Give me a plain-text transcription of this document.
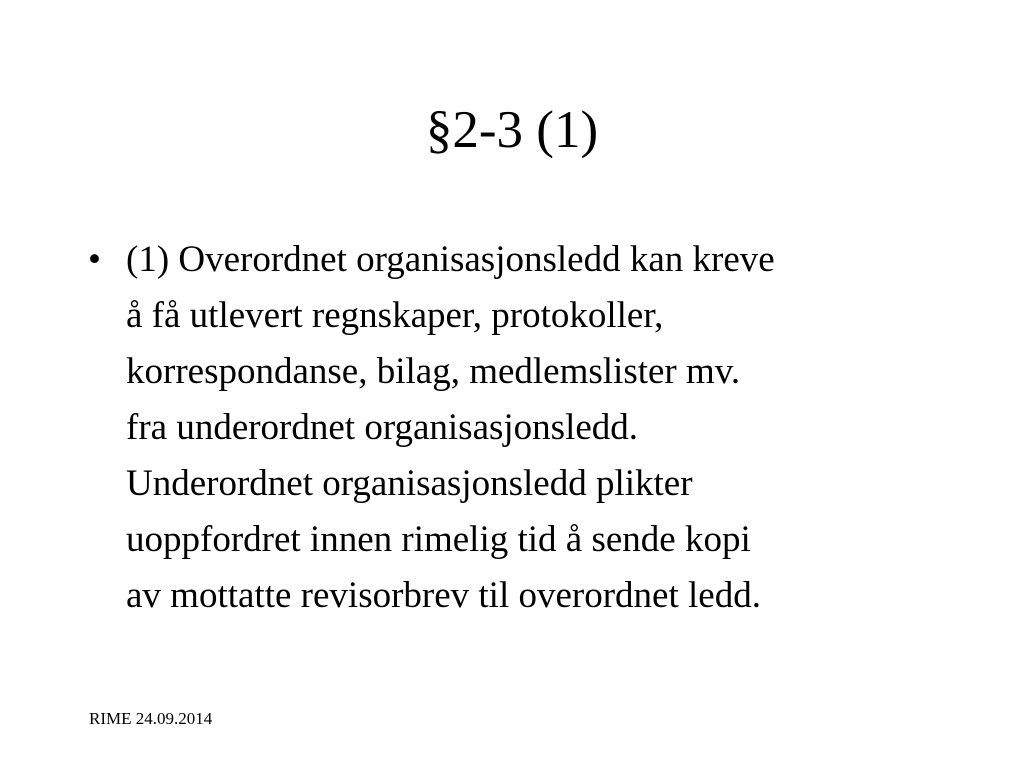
§2-3 (1)
• (1) Overordnet organisasjonsledd kan kreve
å få utlevert regnskaper, protokoller,
korrespondanse, bilag, medlemslister mv.
fra underordnet organisasjonsledd.
Underordnet organisasjonsledd plikter
uoppfordret innen rimelig tid å sende kopi
av mottatte revisorbrev til overordnet ledd.

RIME 24.09.2014
